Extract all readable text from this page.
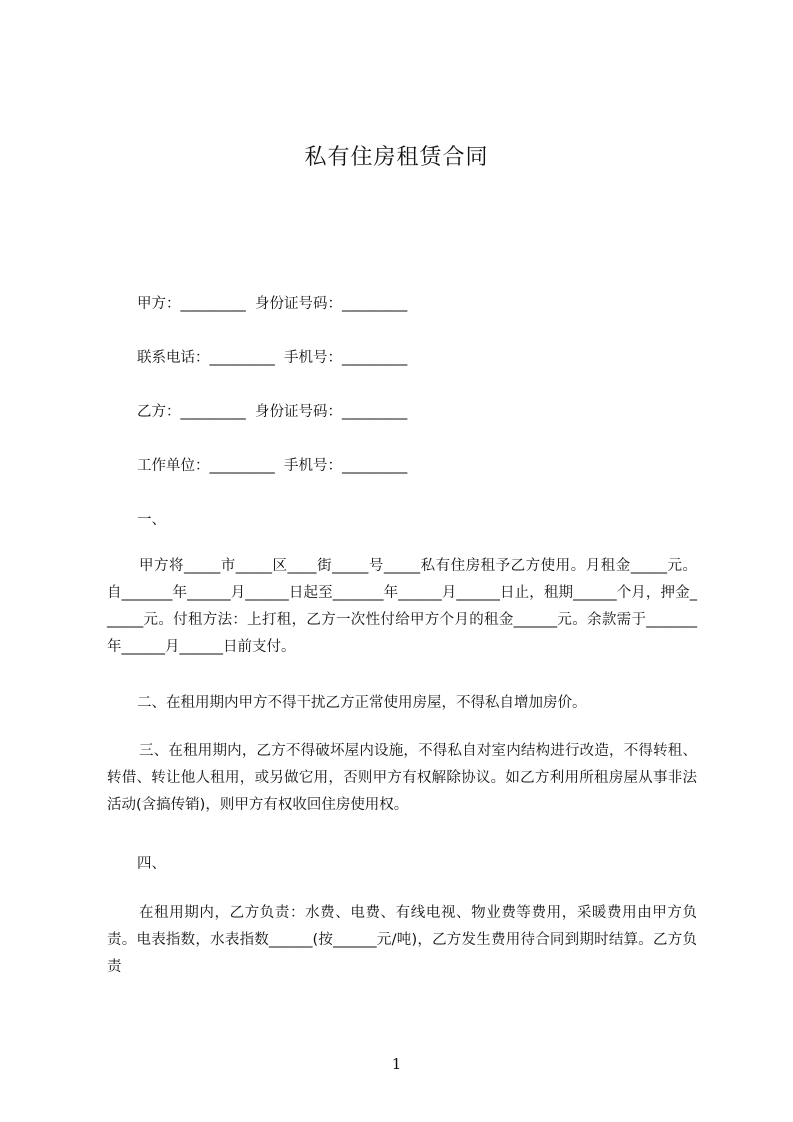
私有住房租赁合同
甲方：_________  身份证号码：_________
联系电话：_________  手机号：_________
乙方：_________  身份证号码：_________
工作单位：_________  手机号：_________
一、
甲方将_____市_____区____街_____号_____私有住房租予乙方使用。月租金_____元。自_______年______月______日起至_______年______月______日止，租期______个月，押金______元。付租方法：上打租，乙方一次性付给甲方个月的租金______元。余款需于_______年______月______日前支付。
二、在租用期内甲方不得干扰乙方正常使用房屋，不得私自增加房价。
三、在租用期内，乙方不得破坏屋内设施，不得私自对室内结构进行改造，不得转租、转借、转让他人租用，或另做它用，否则甲方有权解除协议。如乙方利用所租房屋从事非法活动(含搞传销)，则甲方有权收回住房使用权。
四、
在租用期内，乙方负责：水费、电费、有线电视、物业费等费用，采暖费用由甲方负责。电表指数，水表指数______(按______元/吨)，乙方发生费用待合同到期时结算。乙方负责
1
